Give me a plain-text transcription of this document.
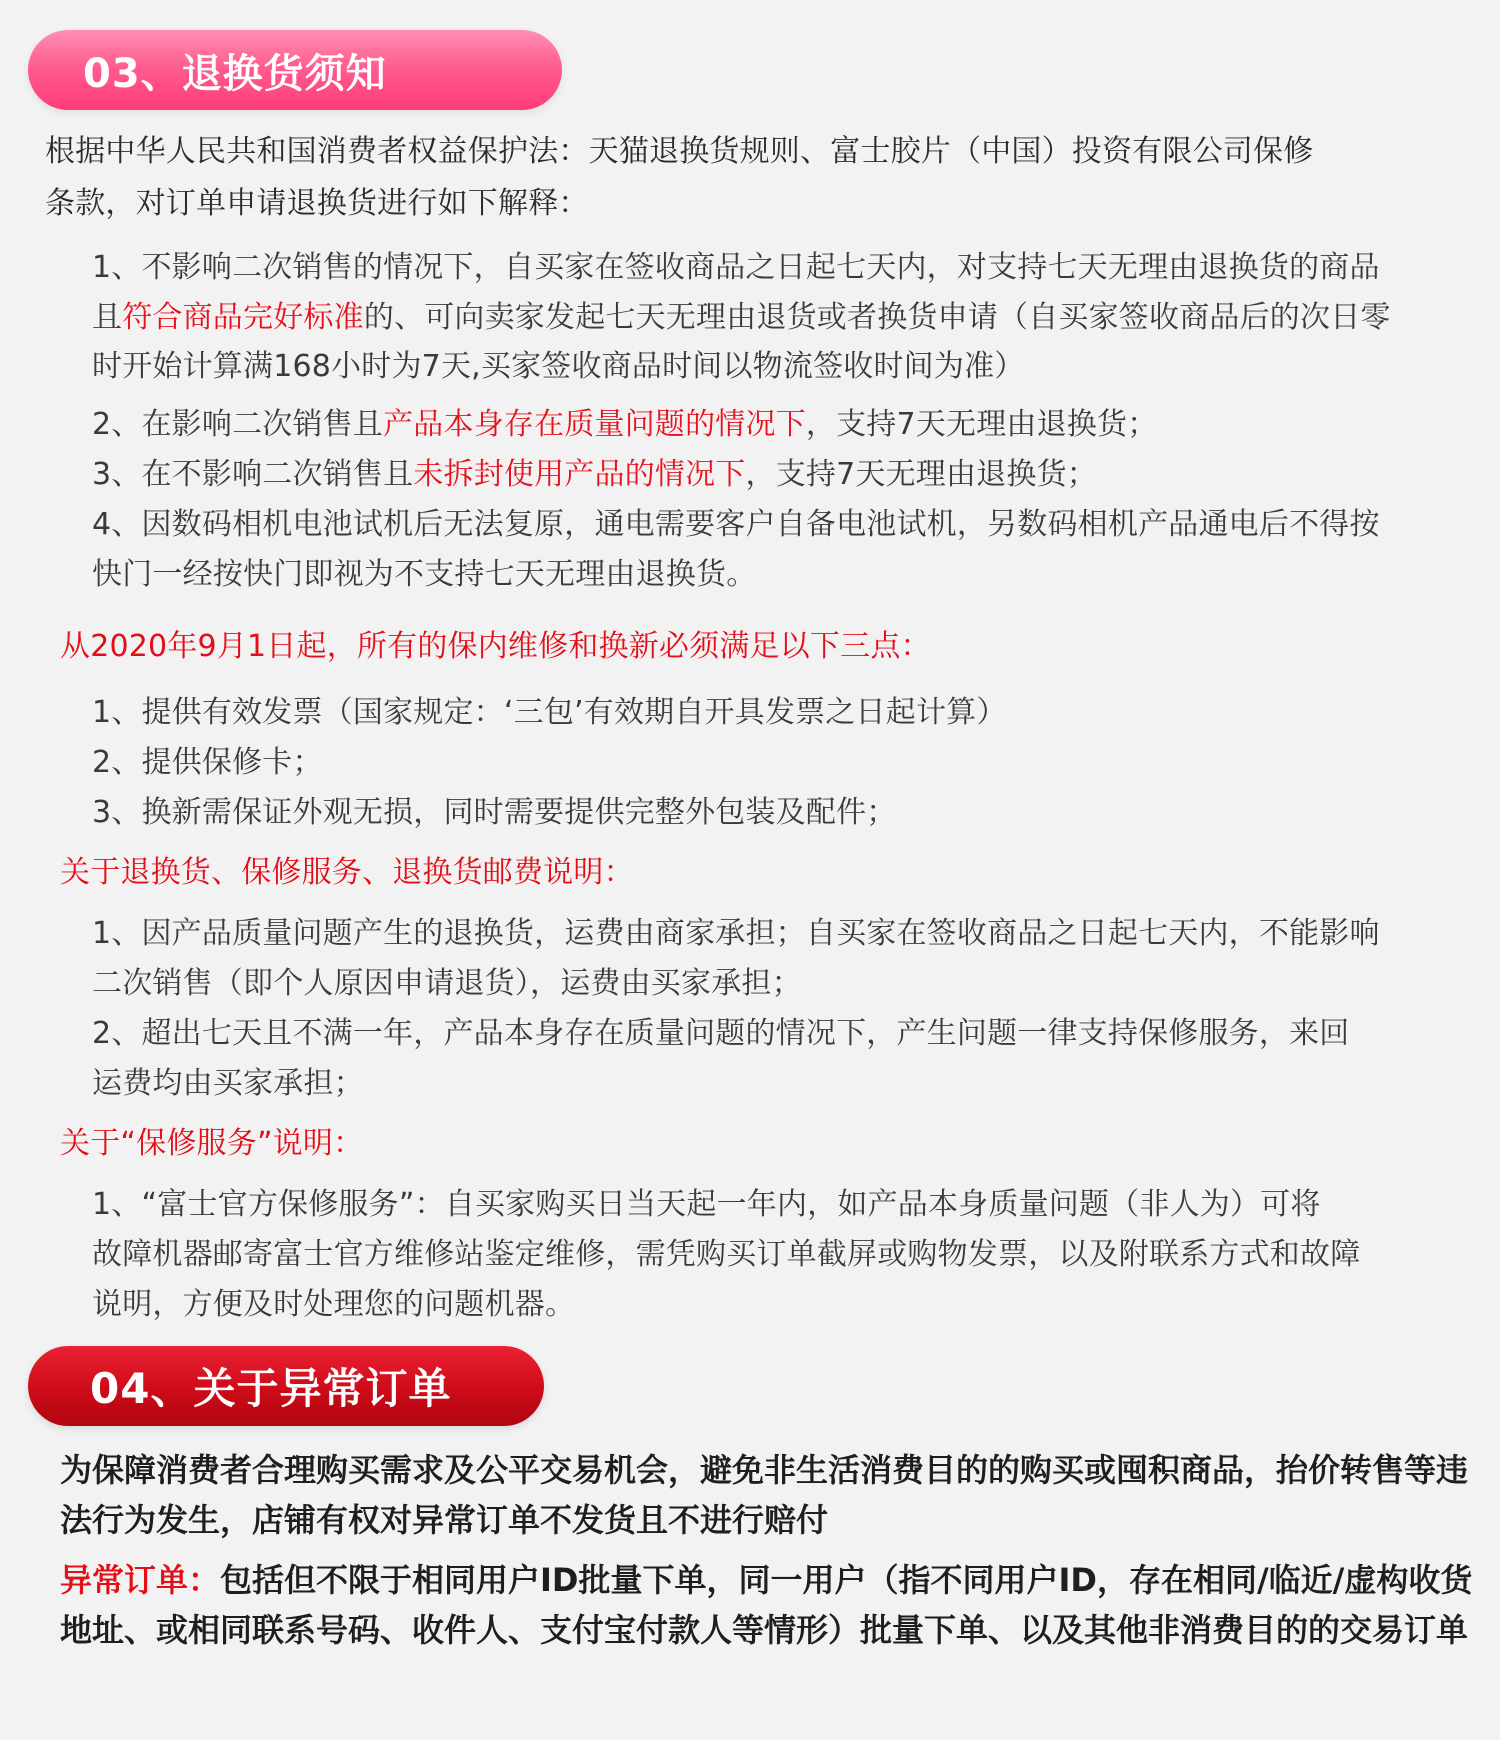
03、退换货须知
根据中华人民共和国消费者权益保护法：天猫退换货规则、富士胶片（中国）投资有限公司保修
条款，对订单申请退换货进行如下解释：
1、不影响二次销售的情况下，自买家在签收商品之日起七天内，对支持七天无理由退换货的商品
且符合商品完好标准的、可向卖家发起七天无理由退货或者换货申请（自买家签收商品后的次日零
时开始计算满168小时为7天,买家签收商品时间以物流签收时间为准）
2、在影响二次销售且产品本身存在质量问题的情况下，支持7天无理由退换货；
3、在不影响二次销售且未拆封使用产品的情况下，支持7天无理由退换货；
4、因数码相机电池试机后无法复原，通电需要客户自备电池试机，另数码相机产品通电后不得按
快门一经按快门即视为不支持七天无理由退换货。
从2020年9月1日起，所有的保内维修和换新必须满足以下三点：
1、提供有效发票（国家规定：‘三包’有效期自开具发票之日起计算）
2、提供保修卡；
3、换新需保证外观无损，同时需要提供完整外包装及配件；
关于退换货、保修服务、退换货邮费说明：
1、因产品质量问题产生的退换货，运费由商家承担；自买家在签收商品之日起七天内，不能影响
二次销售（即个人原因申请退货），运费由买家承担；
2、超出七天且不满一年，产品本身存在质量问题的情况下，产生问题一律支持保修服务，来回
运费均由买家承担；
关于“保修服务”说明：
1、“富士官方保修服务”：自买家购买日当天起一年内，如产品本身质量问题（非人为）可将
故障机器邮寄富士官方维修站鉴定维修，需凭购买订单截屏或购物发票，以及附联系方式和故障
说明，方便及时处理您的问题机器。
04、关于异常订单

为保障消费者合理购买需求及公平交易机会，避免非生活消费目的的购买或囤积商品，抬价转售等违法行为发生，店铺有权对异常订单不发货且不进行赔付

异常订单：包括但不限于相同用户ID批量下单，同一用户（指不同用户ID，存在相同/临近/虚构收货地址、或相同联系号码、收件人、支付宝付款人等情形）批量下单、以及其他非消费目的的交易订单
